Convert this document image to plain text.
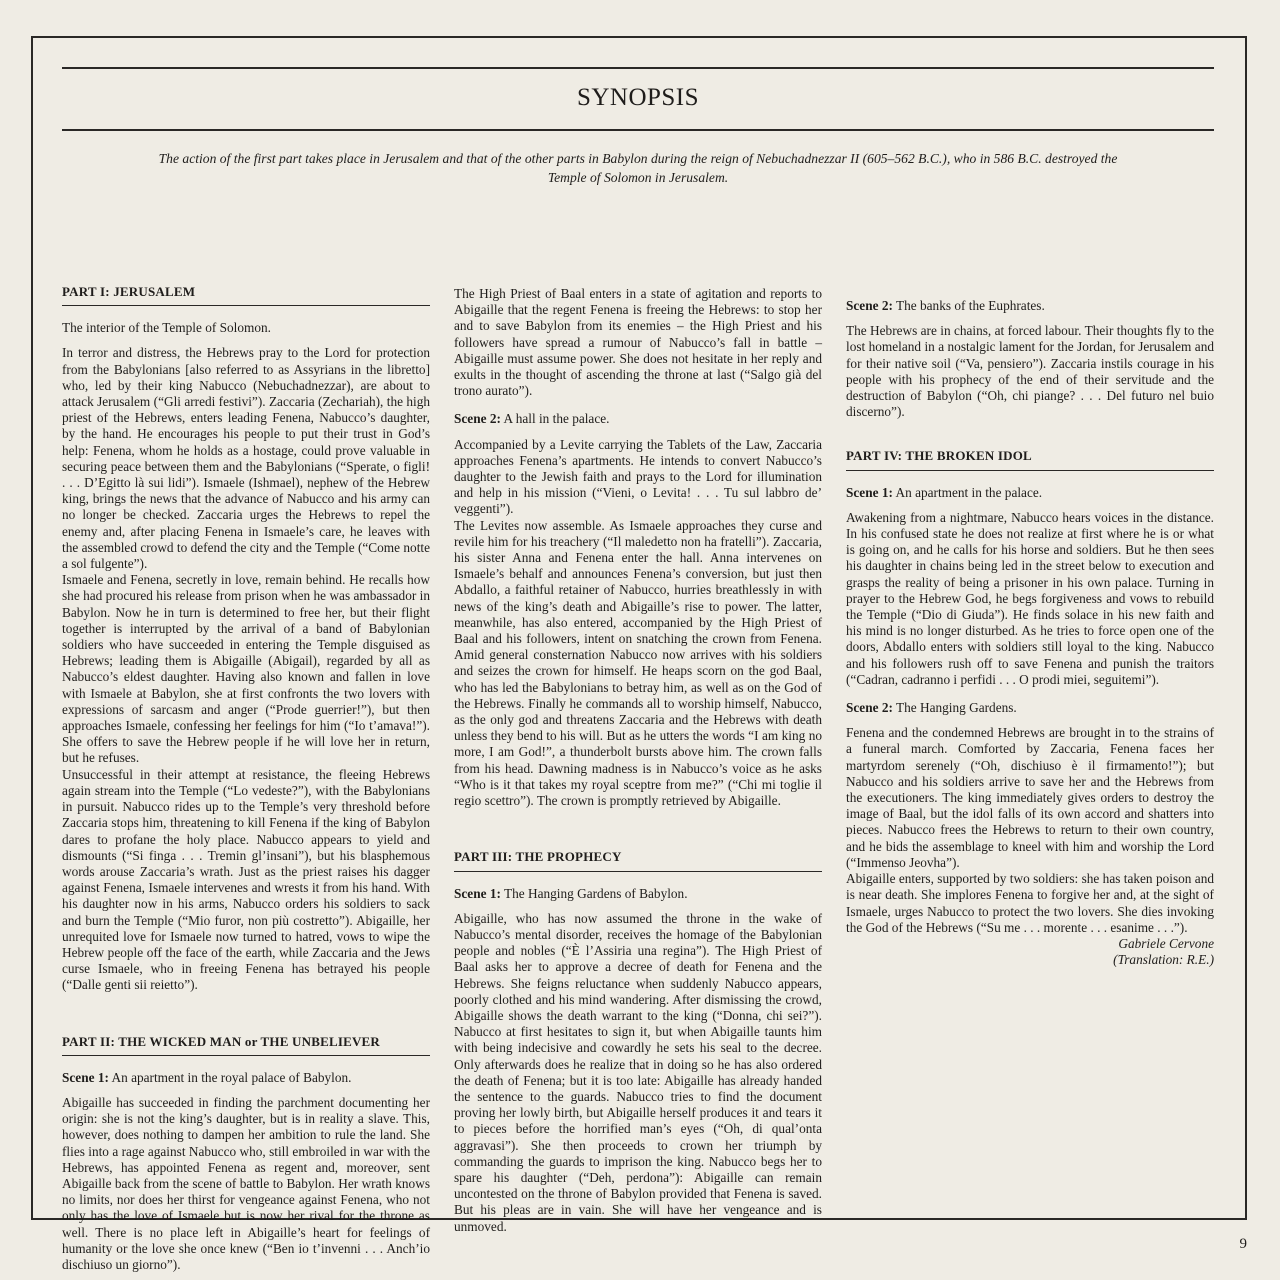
SYNOPSIS
The action of the first part takes place in Jerusalem and that of the other parts in Babylon during the reign of Nebuchadnezzar II (605–562 B.C.), who in 586 B.C. destroyed the Temple of Solomon in Jerusalem.
PART I: JERUSALEM

The interior of the Temple of Solomon.

In terror and distress, the Hebrews pray to the Lord for protection from the Babylonians [also referred to as Assyrians in the libretto] who, led by their king Nabucco (Nebuchadnezzar), are about to attack Jerusalem (“Gli arredi festivi”). Zaccaria (Zechariah), the high priest of the Hebrews, enters leading Fenena, Nabucco’s daughter, by the hand. He encourages his people to put their trust in God’s help: Fenena, whom he holds as a hostage, could prove valuable in securing peace between them and the Babylonians (“Sperate, o figli! . . . D’Egitto là sui lidi”). Ismaele (Ishmael), nephew of the Hebrew king, brings the news that the advance of Nabucco and his army can no longer be checked. Zaccaria urges the Hebrews to repel the enemy and, after placing Fenena in Ismaele’s care, he leaves with the assembled crowd to defend the city and the Temple (“Come notte a sol fulgente”).

Ismaele and Fenena, secretly in love, remain behind. He recalls how she had procured his release from prison when he was ambassador in Babylon. Now he in turn is determined to free her, but their flight together is interrupted by the arrival of a band of Babylonian soldiers who have succeeded in entering the Temple disguised as Hebrews; leading them is Abigaille (Abigail), regarded by all as Nabucco’s eldest daughter. Having also known and fallen in love with Ismaele at Babylon, she at first confronts the two lovers with expressions of sarcasm and anger (“Prode guerrier!”), but then approaches Ismaele, confessing her feelings for him (“Io t’amava!”). She offers to save the Hebrew people if he will love her in return, but he refuses.

Unsuccessful in their attempt at resistance, the fleeing Hebrews again stream into the Temple (“Lo vedeste?”), with the Babylonians in pursuit. Nabucco rides up to the Temple’s very threshold before Zaccaria stops him, threatening to kill Fenena if the king of Babylon dares to profane the holy place. Nabucco appears to yield and dismounts (“Si finga . . . Tremin gl’insani”), but his blasphemous words arouse Zaccaria’s wrath. Just as the priest raises his dagger against Fenena, Ismaele intervenes and wrests it from his hand. With his daughter now in his arms, Nabucco orders his soldiers to sack and burn the Temple (“Mio furor, non più costretto”). Abigaille, her unrequited love for Ismaele now turned to hatred, vows to wipe the Hebrew people off the face of the earth, while Zaccaria and the Jews curse Ismaele, who in freeing Fenena has betrayed his people (“Dalle genti sii reietto”).

PART II: THE WICKED MAN or THE UNBELIEVER

Scene 1: An apartment in the royal palace of Babylon.

Abigaille has succeeded in finding the parchment documenting her origin: she is not the king’s daughter, but is in reality a slave. This, however, does nothing to dampen her ambition to rule the land. She flies into a rage against Nabucco who, still embroiled in war with the Hebrews, has appointed Fenena as regent and, moreover, sent Abigaille back from the scene of battle to Babylon. Her wrath knows no limits, nor does her thirst for vengeance against Fenena, who not only has the love of Ismaele but is now her rival for the throne as well. There is no place left in Abigaille’s heart for feelings of humanity or the love she once knew (“Ben io t’invenni . . . Anch’io dischiuso un giorno”).

The High Priest of Baal enters in a state of agitation and reports to Abigaille that the regent Fenena is freeing the Hebrews: to stop her and to save Babylon from its enemies – the High Priest and his followers have spread a rumour of Nabucco’s fall in battle – Abigaille must assume power. She does not hesitate in her reply and exults in the thought of ascending the throne at last (“Salgo già del trono aurato”).

Scene 2: A hall in the palace.

Accompanied by a Levite carrying the Tablets of the Law, Zaccaria approaches Fenena’s apartments. He intends to convert Nabucco’s daughter to the Jewish faith and prays to the Lord for illumination and help in his mission (“Vieni, o Levita! . . . Tu sul labbro de’ veggenti”).

The Levites now assemble. As Ismaele approaches they curse and revile him for his treachery (“Il maledetto non ha fratelli”). Zaccaria, his sister Anna and Fenena enter the hall. Anna intervenes on Ismaele’s behalf and announces Fenena’s conversion, but just then Abdallo, a faithful retainer of Nabucco, hurries breathlessly in with news of the king’s death and Abigaille’s rise to power. The latter, meanwhile, has also entered, accompanied by the High Priest of Baal and his followers, intent on snatching the crown from Fenena. Amid general consternation Nabucco now arrives with his soldiers and seizes the crown for himself. He heaps scorn on the god Baal, who has led the Babylonians to betray him, as well as on the God of the Hebrews. Finally he commands all to worship himself, Nabucco, as the only god and threatens Zaccaria and the Hebrews with death unless they bend to his will. But as he utters the words “I am king no more, I am God!”, a thunderbolt bursts above him. The crown falls from his head. Dawning madness is in Nabucco’s voice as he asks “Who is it that takes my royal sceptre from me?” (“Chi mi toglie il regio scettro”). The crown is promptly retrieved by Abigaille.

PART III: THE PROPHECY

Scene 1: The Hanging Gardens of Babylon.

Abigaille, who has now assumed the throne in the wake of Nabucco’s mental disorder, receives the homage of the Babylonian people and nobles (“È l’Assiria una regina”). The High Priest of Baal asks her to approve a decree of death for Fenena and the Hebrews. She feigns reluctance when suddenly Nabucco appears, poorly clothed and his mind wandering. After dismissing the crowd, Abigaille shows the death warrant to the king (“Donna, chi sei?”). Nabucco at first hesitates to sign it, but when Abigaille taunts him with being indecisive and cowardly he sets his seal to the decree. Only afterwards does he realize that in doing so he has also ordered the death of Fenena; but it is too late: Abigaille has already handed the sentence to the guards. Nabucco tries to find the document proving her lowly birth, but Abigaille herself produces it and tears it to pieces before the horrified man’s eyes (“Oh, di qual’onta aggravasi”). She then proceeds to crown her triumph by commanding the guards to imprison the king. Nabucco begs her to spare his daughter (“Deh, perdona”): Abigaille can remain uncontested on the throne of Babylon provided that Fenena is saved. But his pleas are in vain. She will have her vengeance and is unmoved.

Scene 2: The banks of the Euphrates.

The Hebrews are in chains, at forced labour. Their thoughts fly to the lost homeland in a nostalgic lament for the Jordan, for Jerusalem and for their native soil (“Va, pensiero”). Zaccaria instils courage in his people with his prophecy of the end of their servitude and the destruction of Babylon (“Oh, chi piange? . . . Del futuro nel buio discerno”).

PART IV: THE BROKEN IDOL

Scene 1: An apartment in the palace.

Awakening from a nightmare, Nabucco hears voices in the distance. In his confused state he does not realize at first where he is or what is going on, and he calls for his horse and soldiers. But he then sees his daughter in chains being led in the street below to execution and grasps the reality of being a prisoner in his own palace. Turning in prayer to the Hebrew God, he begs forgiveness and vows to rebuild the Temple (“Dio di Giuda”). He finds solace in his new faith and his mind is no longer disturbed. As he tries to force open one of the doors, Abdallo enters with soldiers still loyal to the king. Nabucco and his followers rush off to save Fenena and punish the traitors (“Cadran, cadranno i perfidi . . . O prodi miei, seguitemi”).

Scene 2: The Hanging Gardens.

Fenena and the condemned Hebrews are brought in to the strains of a funeral march. Comforted by Zaccaria, Fenena faces her martyrdom serenely (“Oh, dischiuso è il firmamento!”); but Nabucco and his soldiers arrive to save her and the Hebrews from the executioners. The king immediately gives orders to destroy the image of Baal, but the idol falls of its own accord and shatters into pieces. Nabucco frees the Hebrews to return to their own country, and he bids the assemblage to kneel with him and worship the Lord (“Immenso Jeovha”).

Abigaille enters, supported by two soldiers: she has taken poison and is near death. She implores Fenena to forgive her and, at the sight of Ismaele, urges Nabucco to protect the two lovers. She dies invoking the God of the Hebrews (“Su me . . . morente . . . esanime . . .”).

Gabriele Cervone

(Translation: R.E.)

9
